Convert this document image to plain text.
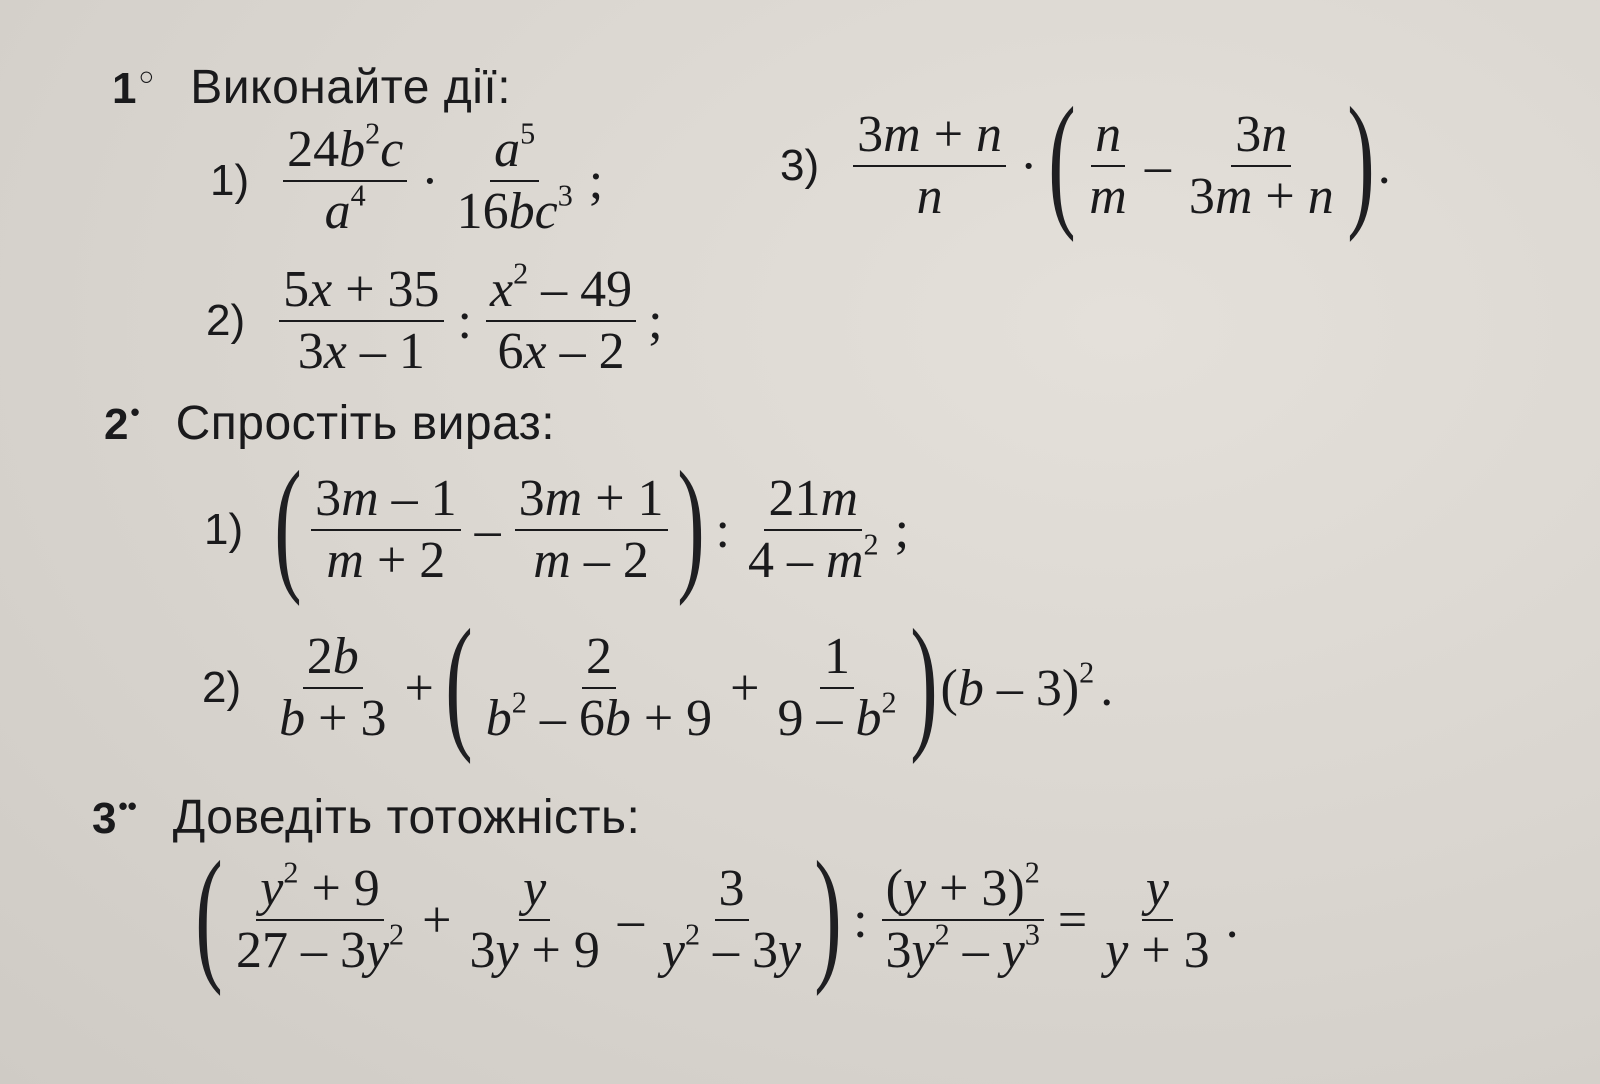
1 ○ Виконайте дії:
$1) \frac{24b^2c}{a^4} \cdot \frac{a^5}{16bc^3}$ ;	$3) \frac{3m + n}{n}$ · ( $\frac{n}{m} - \frac{3n}{3m + n}$ ) .
$2) \frac{5x + 35}{3x - 1}$ : $\frac{x^2 - 49}{6x - 2}$ ;
2 • Спростіть вираз:
1) ( $\frac{3m - 1}{m + 2} - \frac{3m + 1}{m - 2}$ ) : $\frac{21m}{4 - m^2}$ ;
$2) \frac{2b}{b + 3}$ + ( $\frac{2}{b^2 - 6b + 9} + \frac{1}{9 - b^2}$ ) (b – 3)$^2$ .
3 •• Доведіть тотожність:
( $\frac{y^2 + 9}{27 - 3y^2} + \frac{y}{3y + 9} - \frac{3}{y^2 - 3y}$ ) : $\frac{(y + 3)^2}{3y^2 - y^3} = \frac{y}{y + 3}$ .
